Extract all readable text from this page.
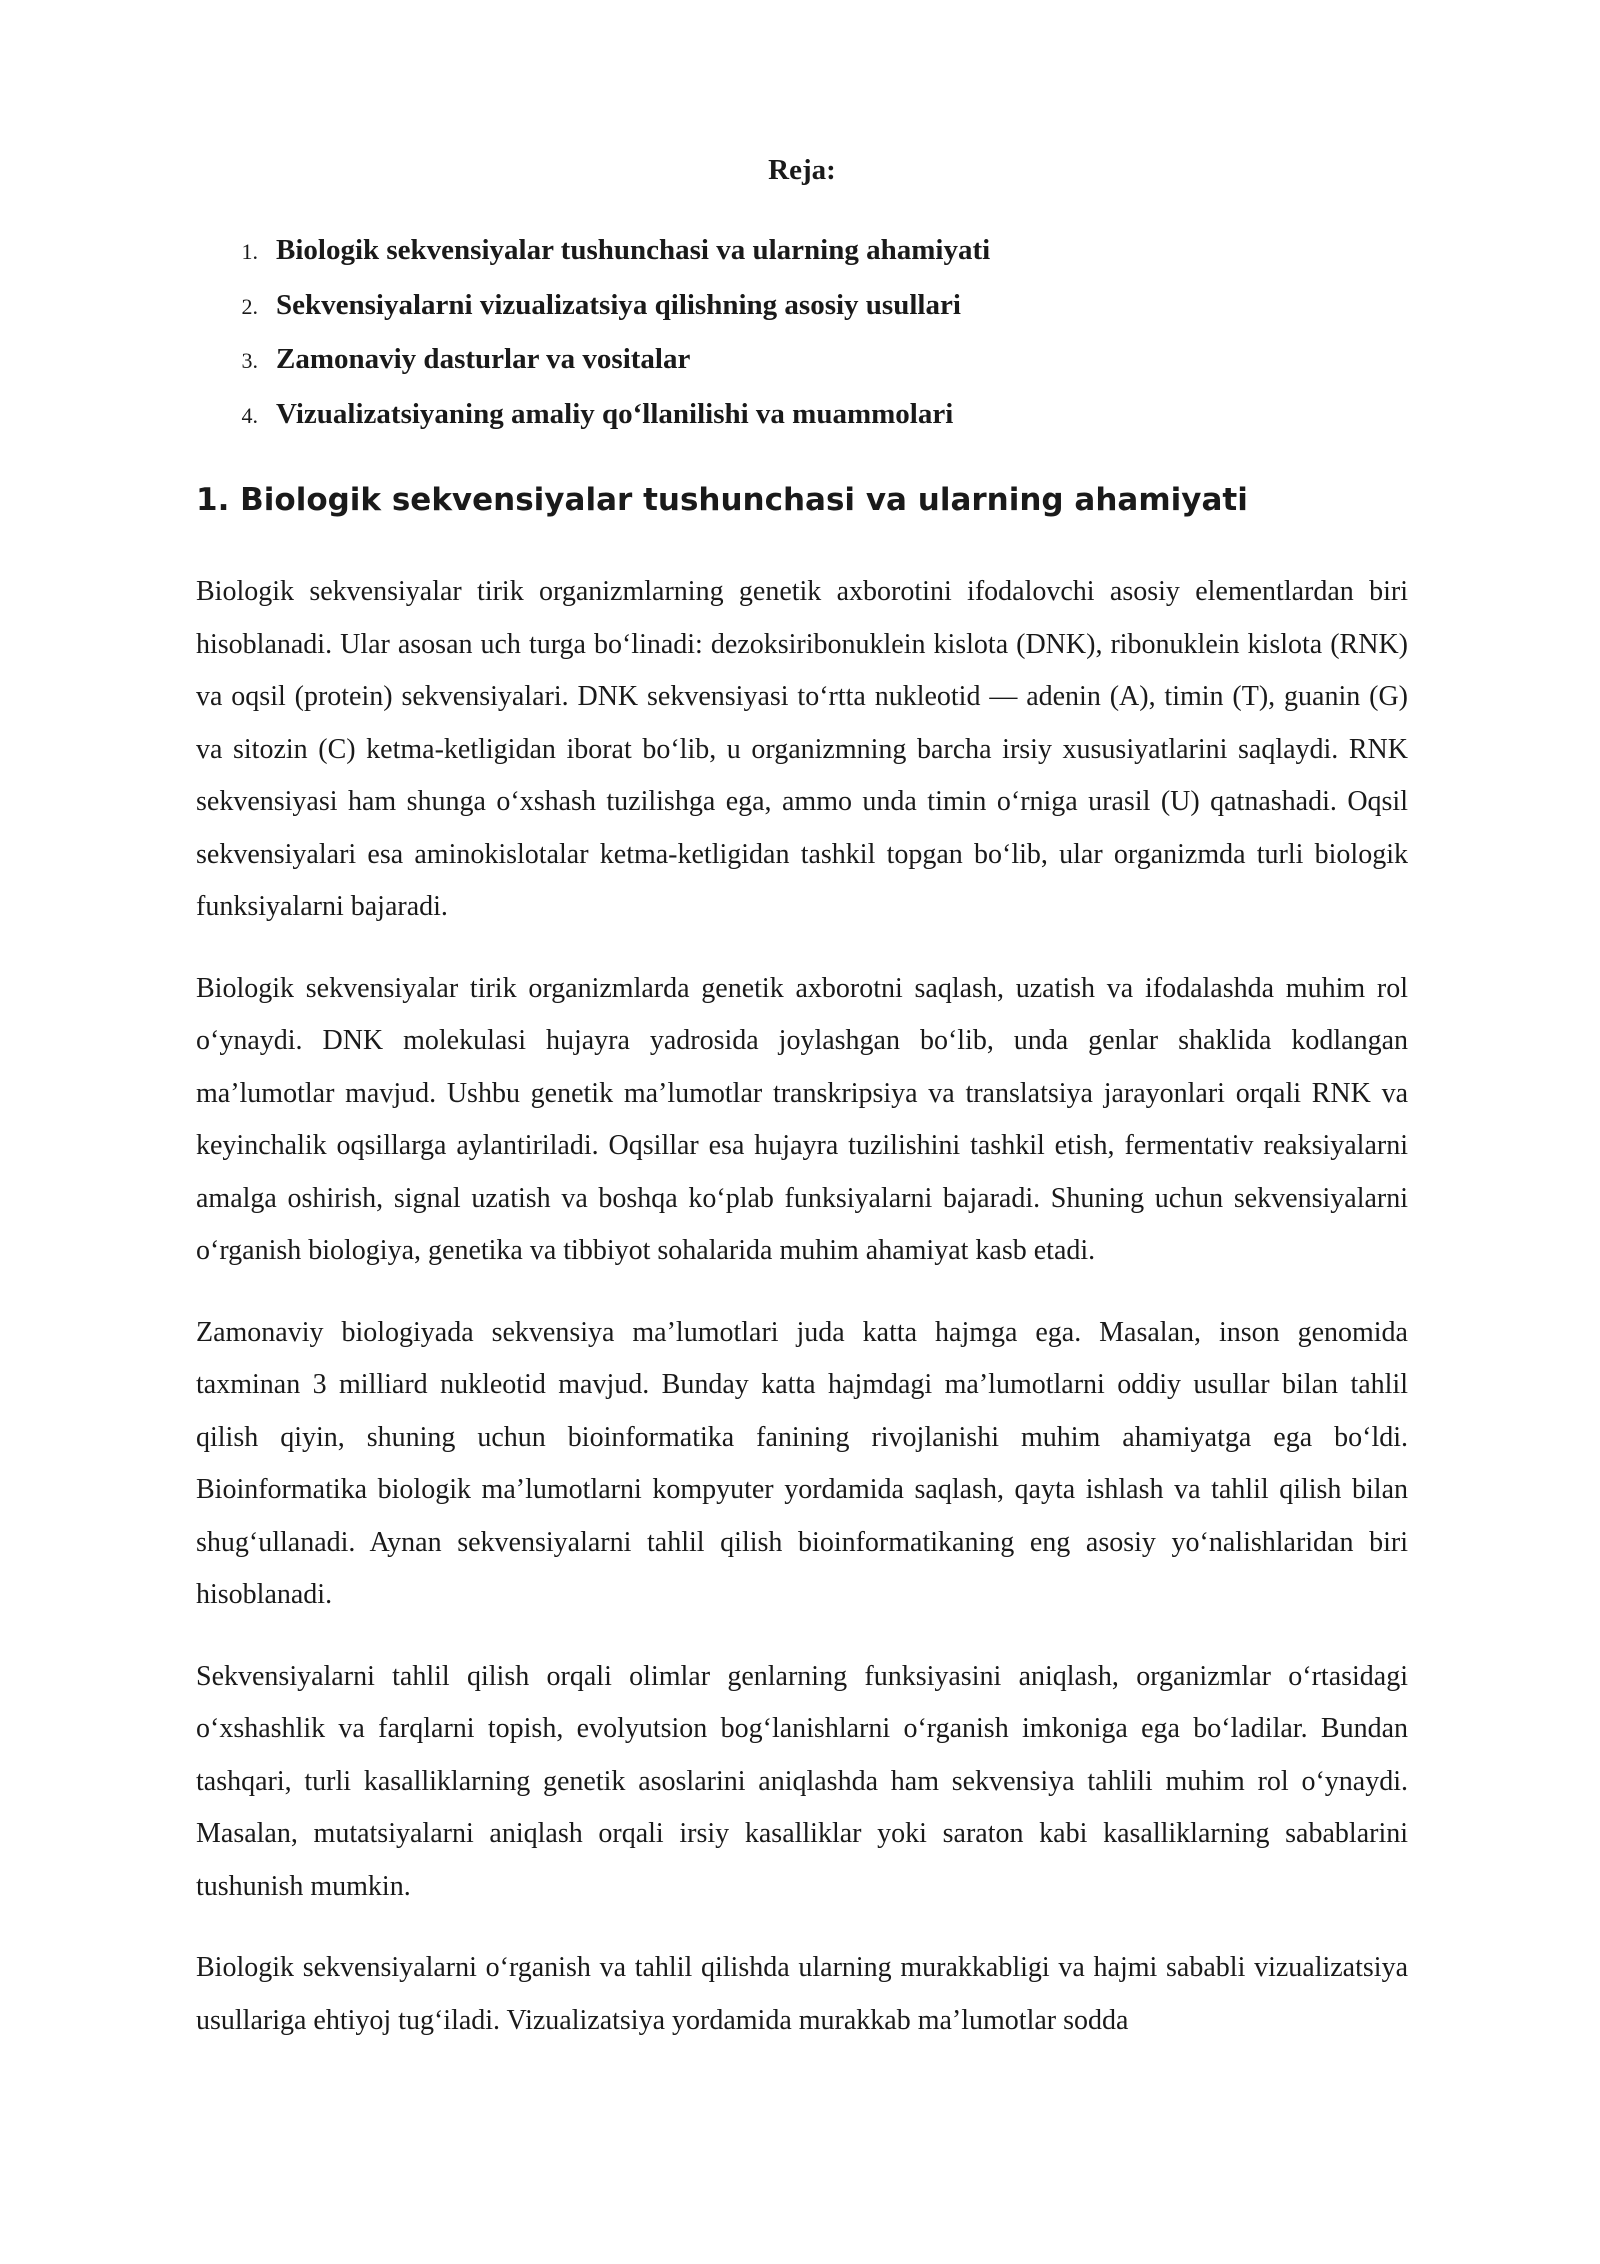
Reja:
1. Biologik sekvensiyalar tushunchasi va ularning ahamiyati
2. Sekvensiyalarni vizualizatsiya qilishning asosiy usullari
3. Zamonaviy dasturlar va vositalar
4. Vizualizatsiyaning amaliy qo‘llanilishi va muammolari
1. Biologik sekvensiyalar tushunchasi va ularning ahamiyati

Biologik sekvensiyalar tirik organizmlarning genetik axborotini ifodalovchi asosiy elementlardan biri hisoblanadi. Ular asosan uch turga bo‘linadi: dezoksiribonuklein kislota (DNK), ribonuklein kislota (RNK) va oqsil (protein) sekvensiyalari. DNK sekvensiyasi to‘rtta nukleotid — adenin (A), timin (T), guanin (G) va sitozin (C) ketma-ketligidan iborat bo‘lib, u organizmning barcha irsiy xususiyatlarini saqlaydi. RNK sekvensiyasi ham shunga o‘xshash tuzilishga ega, ammo unda timin o‘rniga urasil (U) qatnashadi. Oqsil sekvensiyalari esa aminokislotalar ketma-ketligidan tashkil topgan bo‘lib, ular organizmda turli biologik funksiyalarni bajaradi.

Biologik sekvensiyalar tirik organizmlarda genetik axborotni saqlash, uzatish va ifodalashda muhim rol o‘ynaydi. DNK molekulasi hujayra yadrosida joylashgan bo‘lib, unda genlar shaklida kodlangan ma’lumotlar mavjud. Ushbu genetik ma’lumotlar transkripsiya va translatsiya jarayonlari orqali RNK va keyinchalik oqsillarga aylantiriladi. Oqsillar esa hujayra tuzilishini tashkil etish, fermentativ reaksiyalarni amalga oshirish, signal uzatish va boshqa ko‘plab funksiyalarni bajaradi. Shuning uchun sekvensiyalarni o‘rganish biologiya, genetika va tibbiyot sohalarida muhim ahamiyat kasb etadi.

Zamonaviy biologiyada sekvensiya ma’lumotlari juda katta hajmga ega. Masalan, inson genomida taxminan 3 milliard nukleotid mavjud. Bunday katta hajmdagi ma’lumotlarni oddiy usullar bilan tahlil qilish qiyin, shuning uchun bioinformatika fanining rivojlanishi muhim ahamiyatga ega bo‘ldi. Bioinformatika biologik ma’lumotlarni kompyuter yordamida saqlash, qayta ishlash va tahlil qilish bilan shug‘ullanadi. Aynan sekvensiyalarni tahlil qilish bioinformatikaning eng asosiy yo‘nalishlaridan biri hisoblanadi.

Sekvensiyalarni tahlil qilish orqali olimlar genlarning funksiyasini aniqlash, organizmlar o‘rtasidagi o‘xshashlik va farqlarni topish, evolyutsion bog‘lanishlarni o‘rganish imkoniga ega bo‘ladilar. Bundan tashqari, turli kasalliklarning genetik asoslarini aniqlashda ham sekvensiya tahlili muhim rol o‘ynaydi. Masalan, mutatsiyalarni aniqlash orqali irsiy kasalliklar yoki saraton kabi kasalliklarning sabablarini tushunish mumkin.

Biologik sekvensiyalarni o‘rganish va tahlil qilishda ularning murakkabligi va hajmi sababli vizualizatsiya usullariga ehtiyoj tug‘iladi. Vizualizatsiya yordamida murakkab ma’lumotlar sodda
